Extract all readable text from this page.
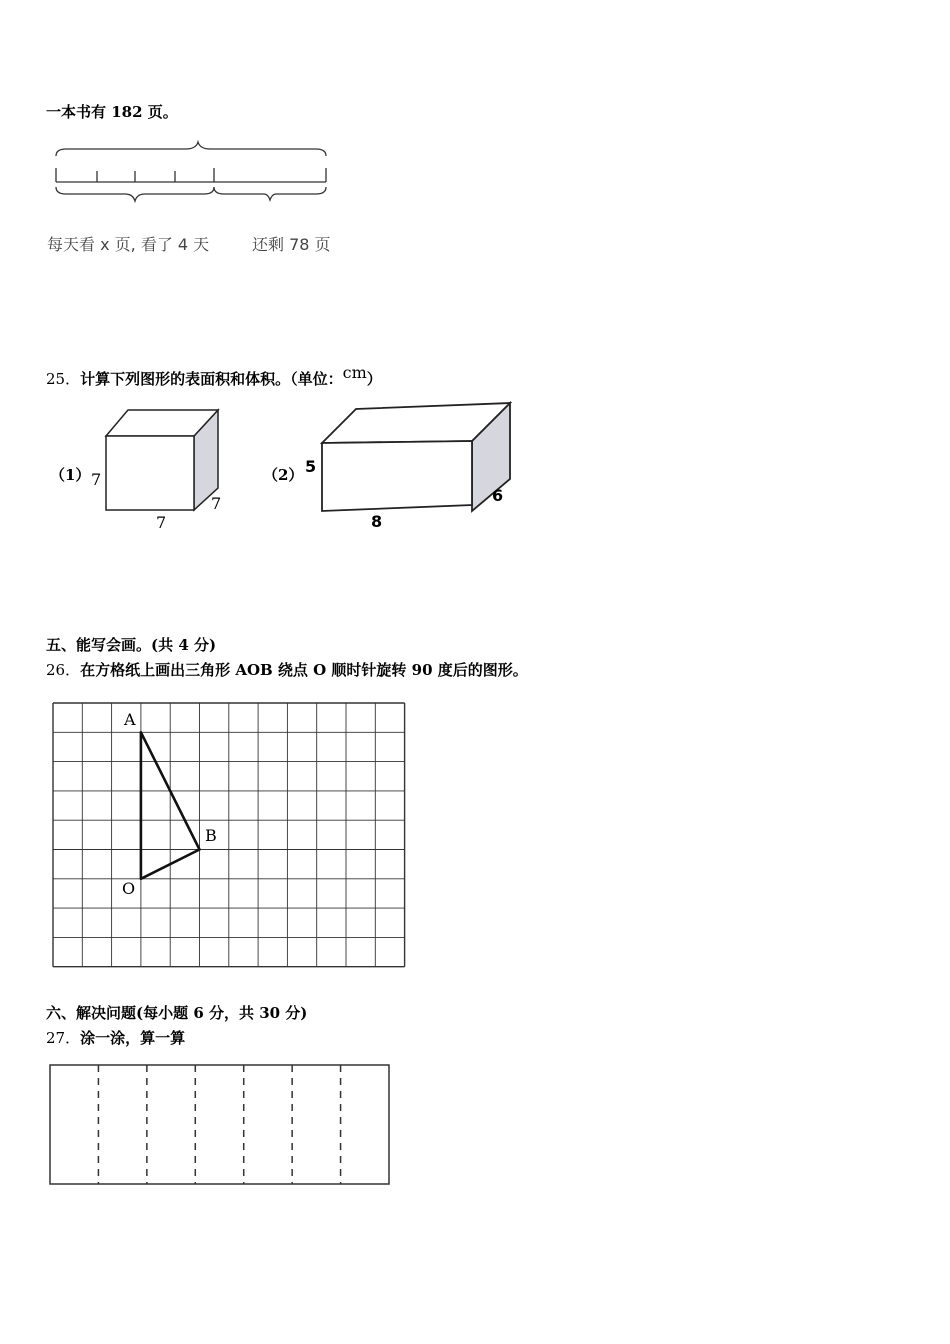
一本书有 182 页。
每天看 x 页, 看了 4 天	还剩 78 页
25．计算下列图形的表面积和体积。（单位：cm）
（1） 7
7
7
（2） 5
8
6
五、能写会画。(共 4 分)
26．在方格纸上画出三角形 AOB 绕点 O 顺时针旋转 90 度后的图形。
A
B
O
六、解决问题(每小题 6 分，共 30 分)
27．涂一涂，算一算
